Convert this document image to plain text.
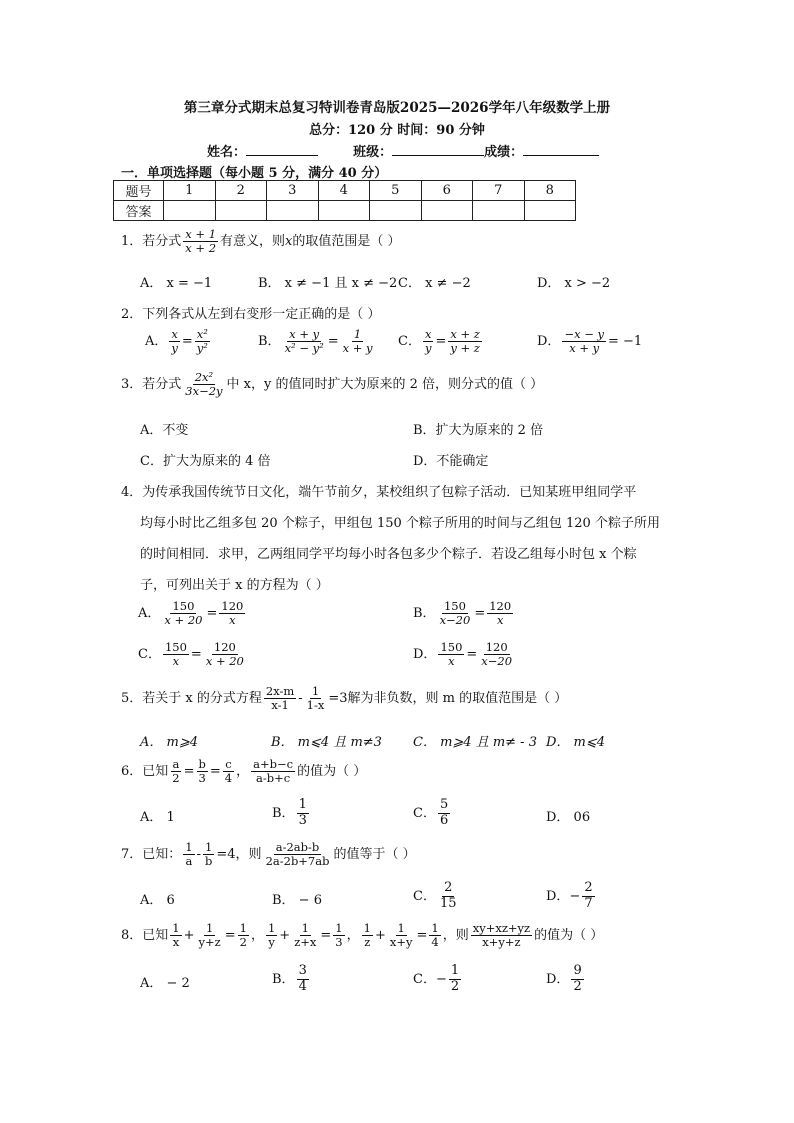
第三章分式期末总复习特训卷青岛版2025—2026学年八年级数学上册
总分：120 分 时间：90 分钟
姓名：	班级：	成绩：
一．单项选择题（每小题 5 分，满分 40 分）
题号	1	2	3	4	5	6	7	8
答案								
1．若分式 $\frac{x + 1}{x + 2}$ 有意义，则x的取值范围是（ ）
A． x = −1	B． x ≠ −1 且 x ≠ −2 C． x ≠ −2	D． x > −2
2．下列各式从左到右变形一定正确的是（ ）
A． $\frac{x}{y} = \frac{\text{x²}}{\text{y²}}$	B． $\frac{x + y}{\text{x² − y²}} = \frac{1}{x + y}$ C． $\frac{x}{y} = \frac{x + z}{y + z}$	D． $\frac{-x - y}{x + y} = -1$
3．若分式 $\frac{\text{2x²}}{3x-2y}$ 中 x，y 的值同时扩大为原来的 2 倍，则分式的值（ ）
A．不变	B．扩大为原来的 2 倍
C．扩大为原来的 4 倍	D．不能确定
4．为传承我国传统节日文化，端午节前夕，某校组织了包粽子活动．已知某班甲组同学平
均每小时比乙组多包 20 个粽子，甲组包 150 个粽子所用的时间与乙组包 120 个粽子所用
的时间相同．求甲，乙两组同学平均每小时各包多少个粽子．若设乙组每小时包 x 个粽
子，可列出关于 x 的方程为（ ）
A． $\frac{150}{x + 20} = \frac{120}{x}$	B． $\frac{150}{x-20} = \frac{120}{x}$
C． $\frac{150}{x} = \frac{120}{x + 20}$	D． $\frac{150}{x} = \frac{120}{x-20}$
5．若关于 x 的分式方程 $\frac{2x-m}{x-1} - \frac{1}{1-x} =3$解为非负数，则 m 的取值范围是（ ）
A． m⩾4	B． m⩽4 且 m≠3 C． m⩾4 且 m≠ - 3 D． m⩽4
6．已知 $\frac{a}{2} = \frac{b}{3} = \frac{c}{4}$ ， $\frac{a+b-c}{a-b+c}$ 的值为（ ）
A． 1	B． $\frac{1}{3}$	C． $\frac{5}{6}$	D． 06
7．已知： $\frac{1}{a} - \frac{1}{b} =4$，则 $\frac{a-2ab-b}{2a-2b+7ab}$ 的值等于（ ）
A． 6	B． − 6	C． $\frac{2}{15}$	D．− $\frac{2}{7}$
8．已知 $\frac{1}{x} + \frac{1}{y+z} = \frac{1}{2}$ ， $\frac{1}{y} + \frac{1}{z+x} = \frac{1}{3}$ ， $\frac{1}{z} + \frac{1}{x+y} = \frac{1}{4}$ ，则 $\frac{xy+xz+yz}{x+y+z}$ 的值为（ ）
A． − 2	B． $\frac{3}{4}$	C．− $\frac{1}{2}$	D． $\frac{9}{2}$
